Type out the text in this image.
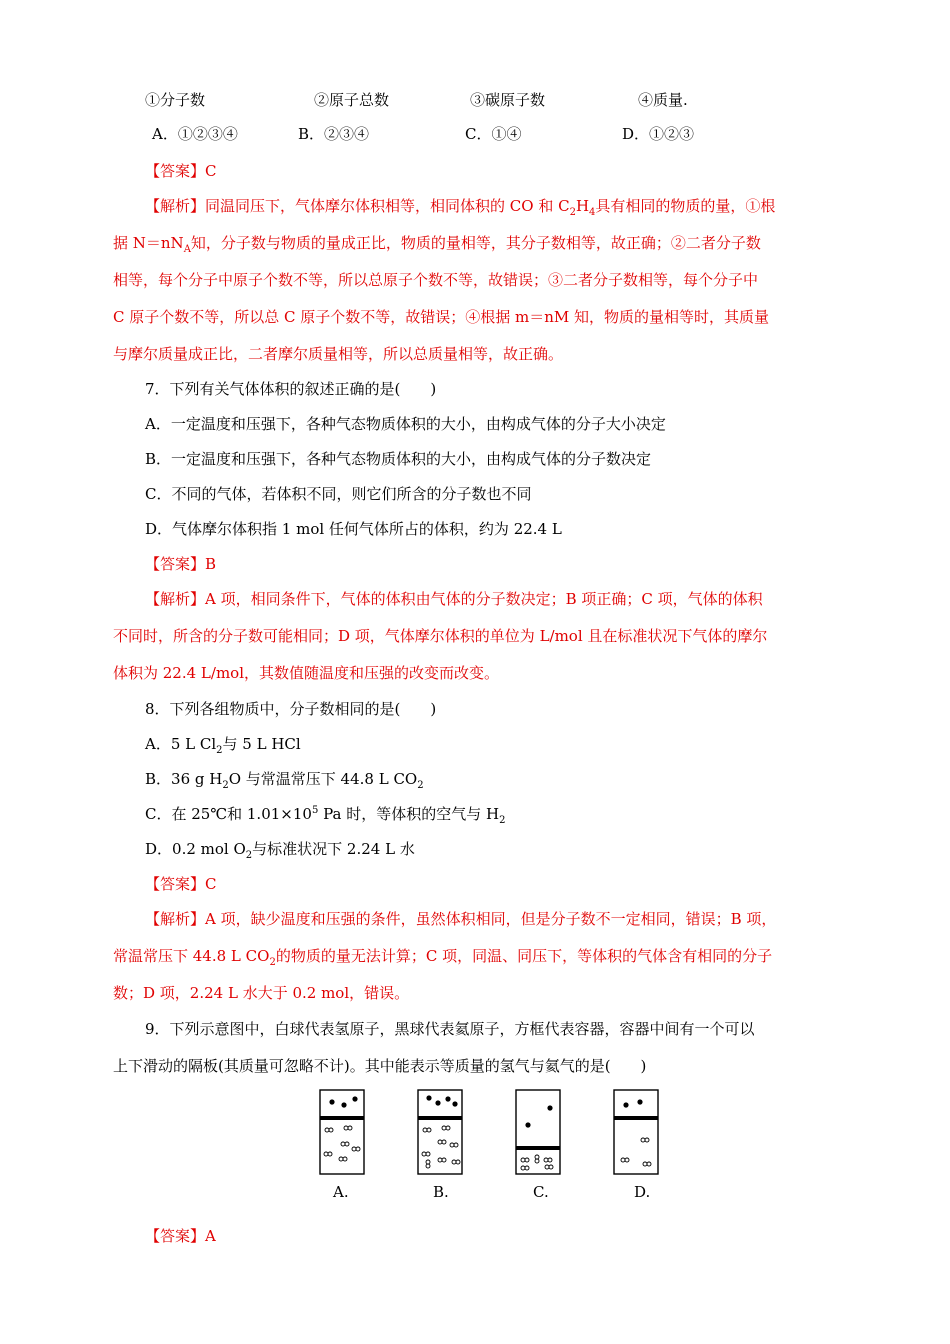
①分子数	②原子总数	③碳原子数	④质量.
A．①②③④	B．②③④	C．①④	D．①②③
【答案】C
【解析】同温同压下，气体摩尔体积相等，相同体积的 CO 和 $C_2H_4$具有相同的物质的量，①根
据 $N=nN_A$知，分子数与物质的量成正比，物质的量相等，其分子数相等，故正确；②二者分子数
相等，每个分子中原子个数不等，所以总原子个数不等，故错误；③二者分子数相等，每个分子中
C 原子个数不等，所以总 C 原子个数不等，故错误；④根据 m＝nM 知，物质的量相等时，其质量
与摩尔质量成正比，二者摩尔质量相等，所以总质量相等，故正确。
7．下列有关气体体积的叙述正确的是(　　)
A．一定温度和压强下，各种气态物质体积的大小，由构成气体的分子大小决定
B．一定温度和压强下，各种气态物质体积的大小，由构成气体的分子数决定
C．不同的气体，若体积不同，则它们所含的分子数也不同
D．气体摩尔体积指 1 mol 任何气体所占的体积，约为 22.4 L
【答案】B
【解析】A 项，相同条件下，气体的体积由气体的分子数决定；B 项正确；C 项，气体的体积
不同时，所含的分子数可能相同；D 项，气体摩尔体积的单位为 L/mol 且在标准状况下气体的摩尔
体积为 22.4 L/mol，其数值随温度和压强的改变而改变。
8．下列各组物质中，分子数相同的是(　　)
A．5 L $Cl_2$与 5 L HCl
B．36 g $H_2O$ 与常温常压下 44.8 L $CO_2$
C．在 25℃和 $1.01\times 10^5$ Pa 时，等体积的空气与 $H_2$
D．0.2 mol $O_2$与标准状况下 2.24 L 水
【答案】C
【解析】A 项，缺少温度和压强的条件，虽然体积相同，但是分子数不一定相同，错误；B 项，
常温常压下 44.8 L $CO_2$的物质的量无法计算；C 项，同温、同压下，等体积的气体含有相同的分子
数；D 项，2.24 L 水大于 0.2 mol，错误。
9．下列示意图中，白球代表氢原子，黑球代表氦原子，方框代表容器，容器中间有一个可以
上下滑动的隔板(其质量可忽略不计)。其中能表示等质量的氢气与氦气的是(　　)
A.	B.	C.	D.
【答案】A
